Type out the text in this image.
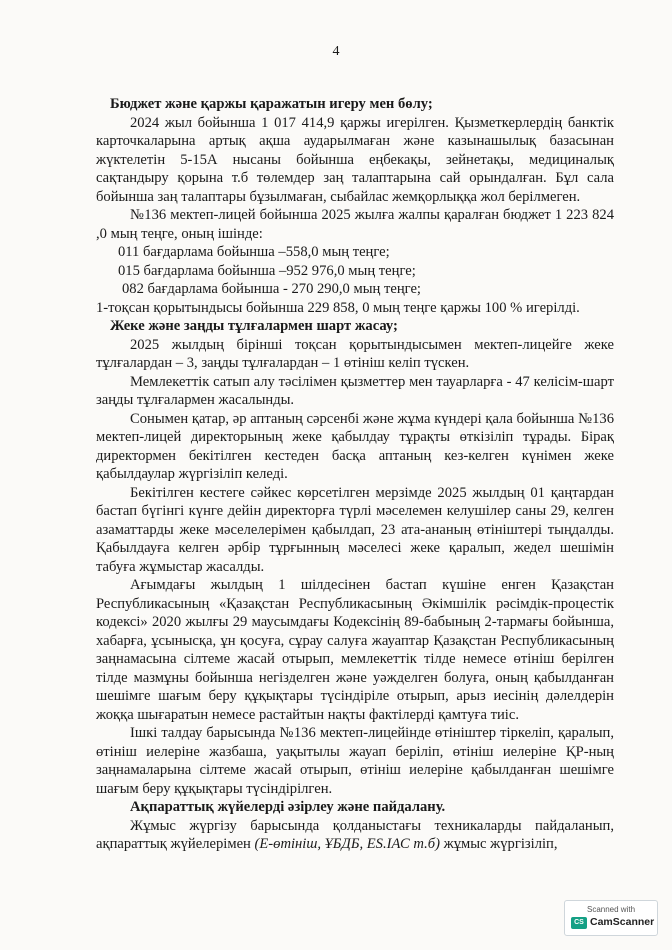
4

Бюджет және қаржы қаражатын игеру мен бөлу;

2024 жыл бойынша 1 017 414,9 қаржы игерілген. Қызметкерлердің банктік карточкаларына артық ақша аударылмаған және казынашылық базасынан жүктелетін 5-15А нысаны бойынша еңбекақы, зейнетақы, медициналық сақтандыру қорына т.б төлемдер заң талаптарына сай орындалған. Бұл сала бойынша заң талаптары бұзылмаған, сыбайлас жемқорлыққа жол берілмеген.

№136 мектеп-лицей бойынша 2025 жылға жалпы қаралған бюджет 1 223 824 ,0 мың теңге, оның ішінде:

011 бағдарлама бойынша –558,0 мың теңге;

015 бағдарлама бойынша –952 976,0 мың теңге;

082 бағдарлама бойынша - 270 290,0 мың теңге;

1-тоқсан қорытындысы бойынша 229 858, 0 мың теңге қаржы 100 % игерілді.

Жеке және заңды тұлғалармен шарт жасау;

2025 жылдың бірінші тоқсан қорытындысымен мектеп-лицейге жеке тұлғалардан – 3, заңды тұлғалардан – 1 өтініш келіп түскен.

Мемлекеттік сатып алу тәсілімен қызметтер мен тауарларға - 47 келісім-шарт заңды тұлғалармен жасалынды.

Сонымен қатар, әр аптаның сәрсенбі және жұма күндері қала бойынша №136 мектеп-лицей директорының жеке қабылдау тұрақты өткізіліп тұрады. Бірақ директормен бекітілген кестеден басқа аптаның кез-келген күнімен жеке қабылдаулар жүргізіліп келеді.

Бекітілген кестеге сәйкес көрсетілген мерзімде 2025 жылдың 01 қаңтардан бастап бүгінгі күнге дейін директорға түрлі мәселемен келушілер саны 29, келген азаматтарды жеке мәселелерімен қабылдап, 23 ата-ананың өтініштері тыңдалды. Қабылдауға келген әрбір тұрғынның мәселесі жеке қаралып, жедел шешімін табуға жұмыстар жасалды.

Ағымдағы жылдың 1 шілдесінен бастап күшіне енген Қазақстан Республикасының «Қазақстан Республикасының Әкімшілік рәсімдік-процестік кодексі» 2020 жылғы 29 маусымдағы Кодексінің 89-бабының 2-тармағы бойынша, хабарға, ұсынысқа, ұн қосуға, сұрау салуға жауаптар Қазақстан Республикасының заңнамасына сілтеме жасай отырып, мемлекеттік тілде немесе өтініш берілген тілде мазмұны бойынша негізделген және уәжделген болуға, оның қабылданған шешімге шағым беру құқықтары түсіндіріле отырып, арыз иесінің дәлелдерін жоққа шығаратын немесе растайтын нақты фактілерді қамтуға тиіс.

Ішкі талдау барысында №136 мектеп-лицейінде өтініштер тіркеліп, қаралып, өтініш иелеріне жазбаша, уақытылы жауап беріліп, өтініш иелеріне ҚР-ның заңнамаларына сілтеме жасай отырып, өтініш иелеріне қабылданған шешімге шағым беру құқықтары түсіндірілген.

Ақпараттық жүйелерді әзірлеу және пайдалану.

Жұмыс жүргізу барысында қолданыстағы техникаларды пайдаланып, ақпараттық жүйелерімен (Е-өтініш, ҰБДБ, ES.IАС т.б) жұмыс жүргізіліп,

Scanned with
CS CamScanner
